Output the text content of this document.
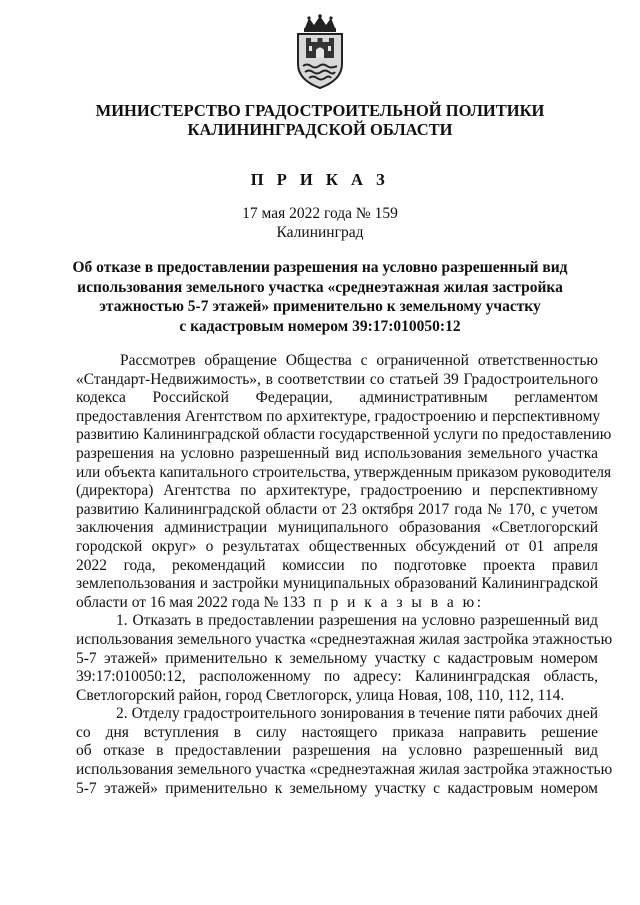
МИНИСТЕРСТВО ГРАДОСТРОИТЕЛЬНОЙ ПОЛИТИКИ
КАЛИНИНГРАДСКОЙ ОБЛАСТИ
П Р И К А З
17 мая 2022 года № 159
Калининград
Об отказе в предоставлении разрешения на условно разрешенный вид
использования земельного участка «среднеэтажная жилая застройка
этажностью 5-7 этажей» применительно к земельному участку
с кадастровым номером 39:17:010050:12
Рассмотрев обращение Общества с ограниченной ответственностью
«Стандарт-Недвижимость», в соответствии со статьей 39 Градостроительного
кодекса Российской Федерации, административным регламентом
предоставления Агентством по архитектуре, градостроению и перспективному
развитию Калининградской области государственной услуги по предоставлению
разрешения на условно разрешенный вид использования земельного участка
или объекта капитального строительства, утвержденным приказом руководителя
(директора) Агентства по архитектуре, градостроению и перспективному
развитию Калининградской области от 23 октября 2017 года № 170, с учетом
заключения администрации муниципального образования «Светлогорский
городской округ» о результатах общественных обсуждений от 01 апреля
2022 года, рекомендаций комиссии по подготовке проекта правил
землепользования и застройки муниципальных образований Калининградской
области от 16 мая 2022 года № 133 п р и к а з ы в а ю:
1. Отказать в предоставлении разрешения на условно разрешенный вид
использования земельного участка «среднеэтажная жилая застройка этажностью
5-7 этажей» применительно к земельному участку с кадастровым номером
39:17:010050:12, расположенному по адресу: Калининградская область,
Светлогорский район, город Светлогорск, улица Новая, 108, 110, 112, 114.
2. Отделу градостроительного зонирования в течение пяти рабочих дней
со дня вступления в силу настоящего приказа направить решение
об отказе в предоставлении разрешения на условно разрешенный вид
использования земельного участка «среднеэтажная жилая застройка этажностью
5-7 этажей» применительно к земельному участку с кадастровым номером
